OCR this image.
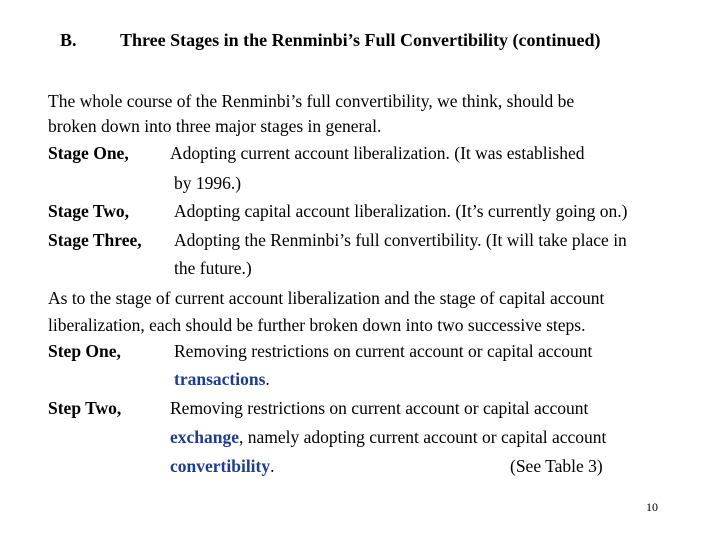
B. Three Stages in the Renminbi’s Full Convertibility (continued)
The whole course of the Renminbi’s full convertibility, we think, should be
broken down into three major stages in general.
Stage One, Adopting current account liberalization. (It was established
by 1996.)
Stage Two,	Adopting capital account liberalization. (It’s currently going on.)
Stage Three, Adopting the Renminbi’s full convertibility. (It will take place in
the future.)
As to the stage of current account liberalization and the stage of capital account
liberalization, each should be further broken down into two successive steps.
Step One,	Removing restrictions on current account or capital account
transactions.
Step Two,	Removing restrictions on current account or capital account
exchange, namely adopting current account or capital account
convertibility.	(See Table 3)
10
